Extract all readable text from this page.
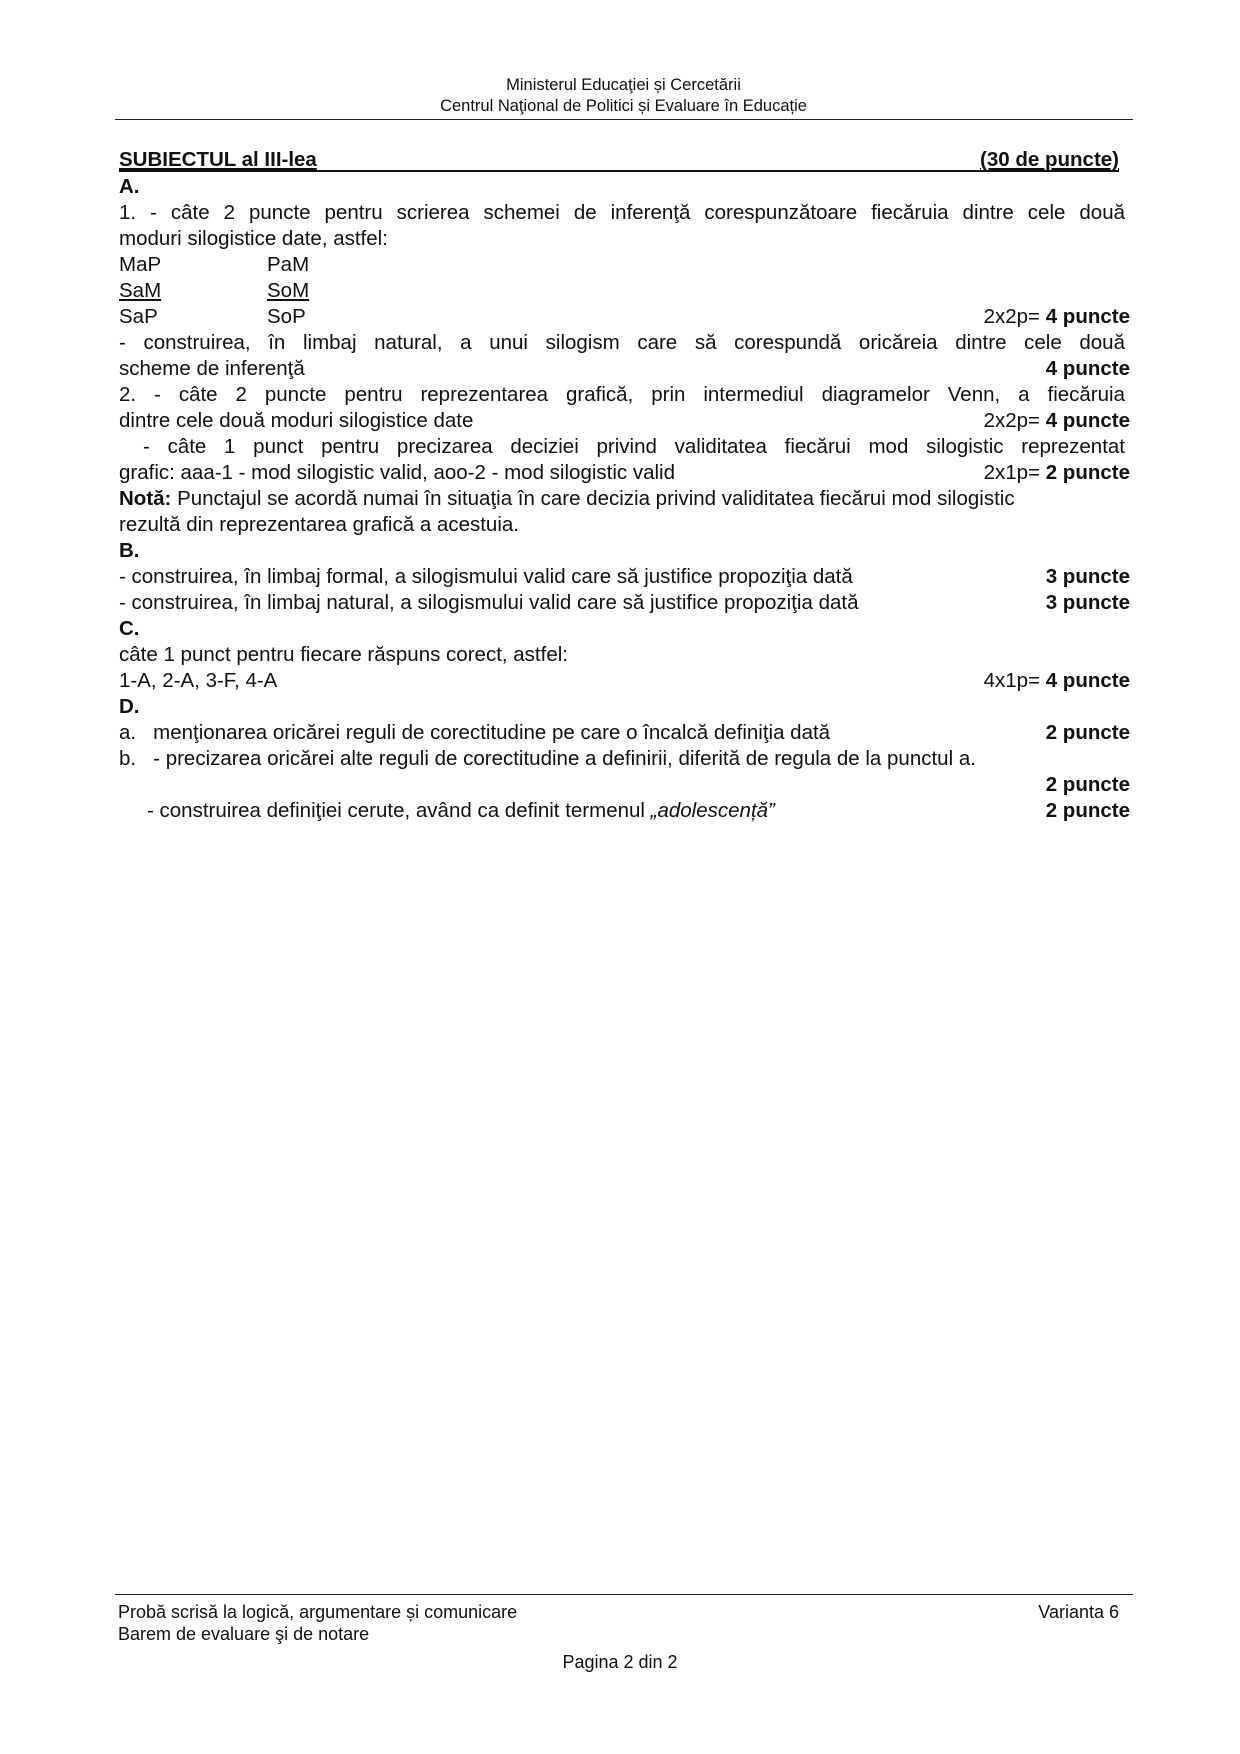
Ministerul Educaţiei și Cercetării
Centrul Naţional de Politici și Evaluare în Educație
SUBIECTUL al III-lea	(30 de puncte)
A.
1. - câte 2 puncte pentru scrierea schemei de inferenţă corespunzătoare fiecăruia dintre cele două
moduri silogistice date, astfel:
MaP	PaM
SaM	SoM
SaP	SoP	2x2p= 4 puncte
- construirea, în limbaj natural, a unui silogism care să corespundă oricăreia dintre cele două
scheme de inferenţă	4 puncte
2. - câte 2 puncte pentru reprezentarea grafică, prin intermediul diagramelor Venn, a fiecăruia
dintre cele două moduri silogistice date	2x2p= 4 puncte
- câte 1 punct pentru precizarea deciziei privind validitatea fiecărui mod silogistic reprezentat
grafic: aaa-1 - mod silogistic valid, aoo-2 - mod silogistic valid	2x1p= 2 puncte
Notă: Punctajul se acordă numai în situaţia în care decizia privind validitatea fiecărui mod silogistic
rezultă din reprezentarea grafică a acestuia.
B.
- construirea, în limbaj formal, a silogismului valid care să justifice propoziţia dată	3 puncte
- construirea, în limbaj natural, a silogismului valid care să justifice propoziţia dată	3 puncte
C.
câte 1 punct pentru fiecare răspuns corect, astfel:
1-A, 2-A, 3-F, 4-A	4x1p= 4 puncte
D.
a.   menţionarea oricărei reguli de corectitudine pe care o încalcă definiţia dată	2 puncte
b.   - precizarea oricărei alte reguli de corectitudine a definirii, diferită de regula de la punctul a.
2 puncte
- construirea definiţiei cerute, având ca definit termenul „adolescență”	2 puncte
Probă scrisă la logică, argumentare și comunicare
Barem de evaluare şi de notare
Varianta 6
Pagina 2 din 2
